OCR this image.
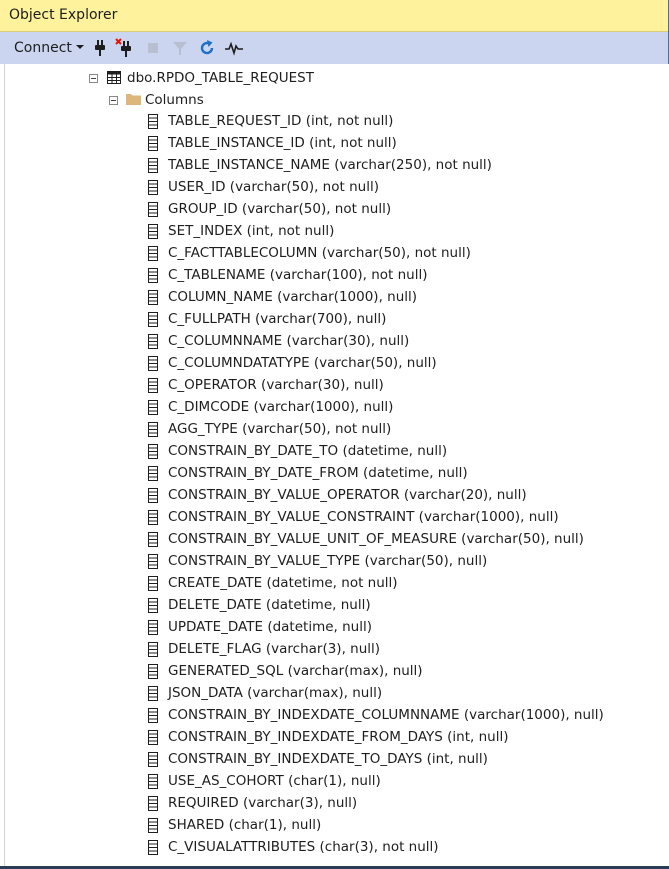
Object Explorer
Connect
dbo.RPDO_TABLE_REQUEST
Columns
TABLE_REQUEST_ID (int, not null)
TABLE_INSTANCE_ID (int, not null)
TABLE_INSTANCE_NAME (varchar(250), not null)
USER_ID (varchar(50), not null)
GROUP_ID (varchar(50), not null)
SET_INDEX (int, not null)
C_FACTTABLECOLUMN (varchar(50), not null)
C_TABLENAME (varchar(100), not null)
COLUMN_NAME (varchar(1000), null)
C_FULLPATH (varchar(700), null)
C_COLUMNNAME (varchar(30), null)
C_COLUMNDATATYPE (varchar(50), null)
C_OPERATOR (varchar(30), null)
C_DIMCODE (varchar(1000), null)
AGG_TYPE (varchar(50), not null)
CONSTRAIN_BY_DATE_TO (datetime, null)
CONSTRAIN_BY_DATE_FROM (datetime, null)
CONSTRAIN_BY_VALUE_OPERATOR (varchar(20), null)
CONSTRAIN_BY_VALUE_CONSTRAINT (varchar(1000), null)
CONSTRAIN_BY_VALUE_UNIT_OF_MEASURE (varchar(50), null)
CONSTRAIN_BY_VALUE_TYPE (varchar(50), null)
CREATE_DATE (datetime, not null)
DELETE_DATE (datetime, null)
UPDATE_DATE (datetime, null)
DELETE_FLAG (varchar(3), null)
GENERATED_SQL (varchar(max), null)
JSON_DATA (varchar(max), null)
CONSTRAIN_BY_INDEXDATE_COLUMNNAME (varchar(1000), null)
CONSTRAIN_BY_INDEXDATE_FROM_DAYS (int, null)
CONSTRAIN_BY_INDEXDATE_TO_DAYS (int, null)
USE_AS_COHORT (char(1), null)
REQUIRED (varchar(3), null)
SHARED (char(1), null)
C_VISUALATTRIBUTES (char(3), not null)
